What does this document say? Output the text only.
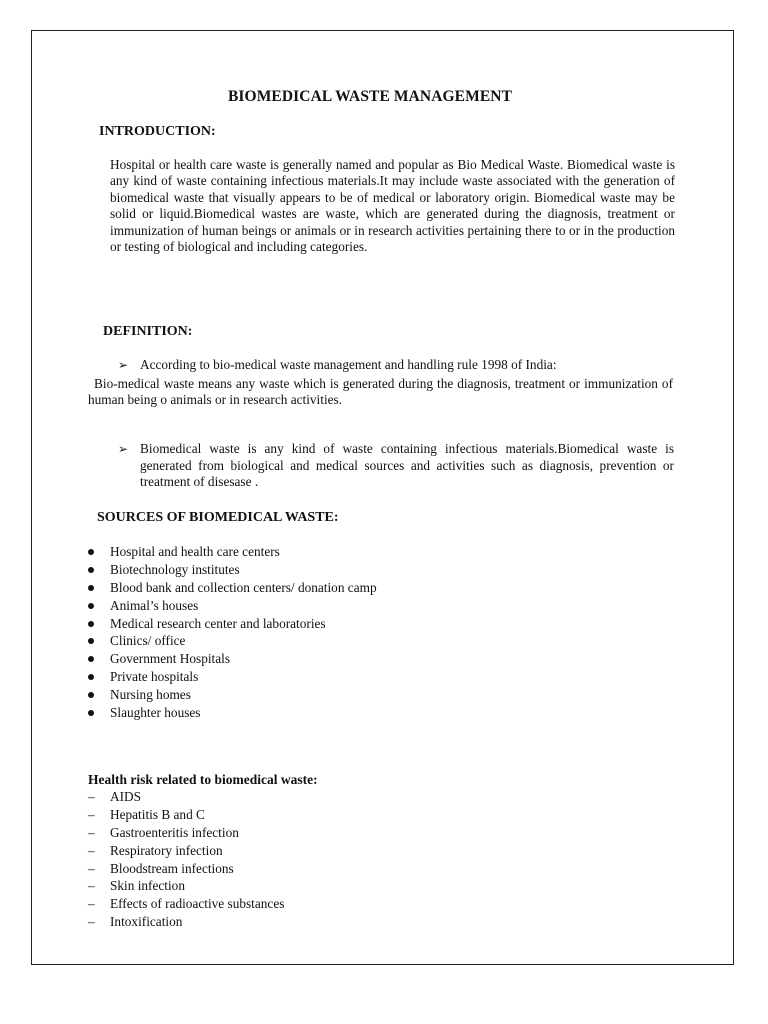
BIOMEDICAL WASTE MANAGEMENT
INTRODUCTION:
Hospital or health care waste is generally named and popular as Bio Medical Waste. Biomedical waste is any kind of waste containing infectious materials.It may include waste associated with the generation of biomedical waste that visually appears to be of medical or laboratory origin. Biomedical waste may be solid or liquid.Biomedical wastes are waste, which are generated during the diagnosis, treatment or immunization of human beings or animals or in research activities pertaining there to or in the production or testing of biological and including categories.
DEFINITION:
➢ According to bio-medical waste management and handling rule 1998 of India:
Bio-medical waste means any waste which is generated during the diagnosis, treatment or immunization of human being o animals or in research activities.
➢ Biomedical waste is any kind of waste containing infectious materials.Biomedical waste is generated from biological and medical sources and activities such as diagnosis, prevention or treatment of disesase .
SOURCES OF BIOMEDICAL WASTE:
Hospital and health care centers
Biotechnology institutes
Blood bank and collection centers/ donation camp
Animal’s houses
Medical research center and laboratories
Clinics/ office
Government Hospitals
Private hospitals
Nursing homes
Slaughter houses
Health risk related to biomedical waste:
– AIDS
– Hepatitis B and C
– Gastroenteritis infection
– Respiratory infection
– Bloodstream infections
– Skin infection
– Effects of radioactive substances
– Intoxification
